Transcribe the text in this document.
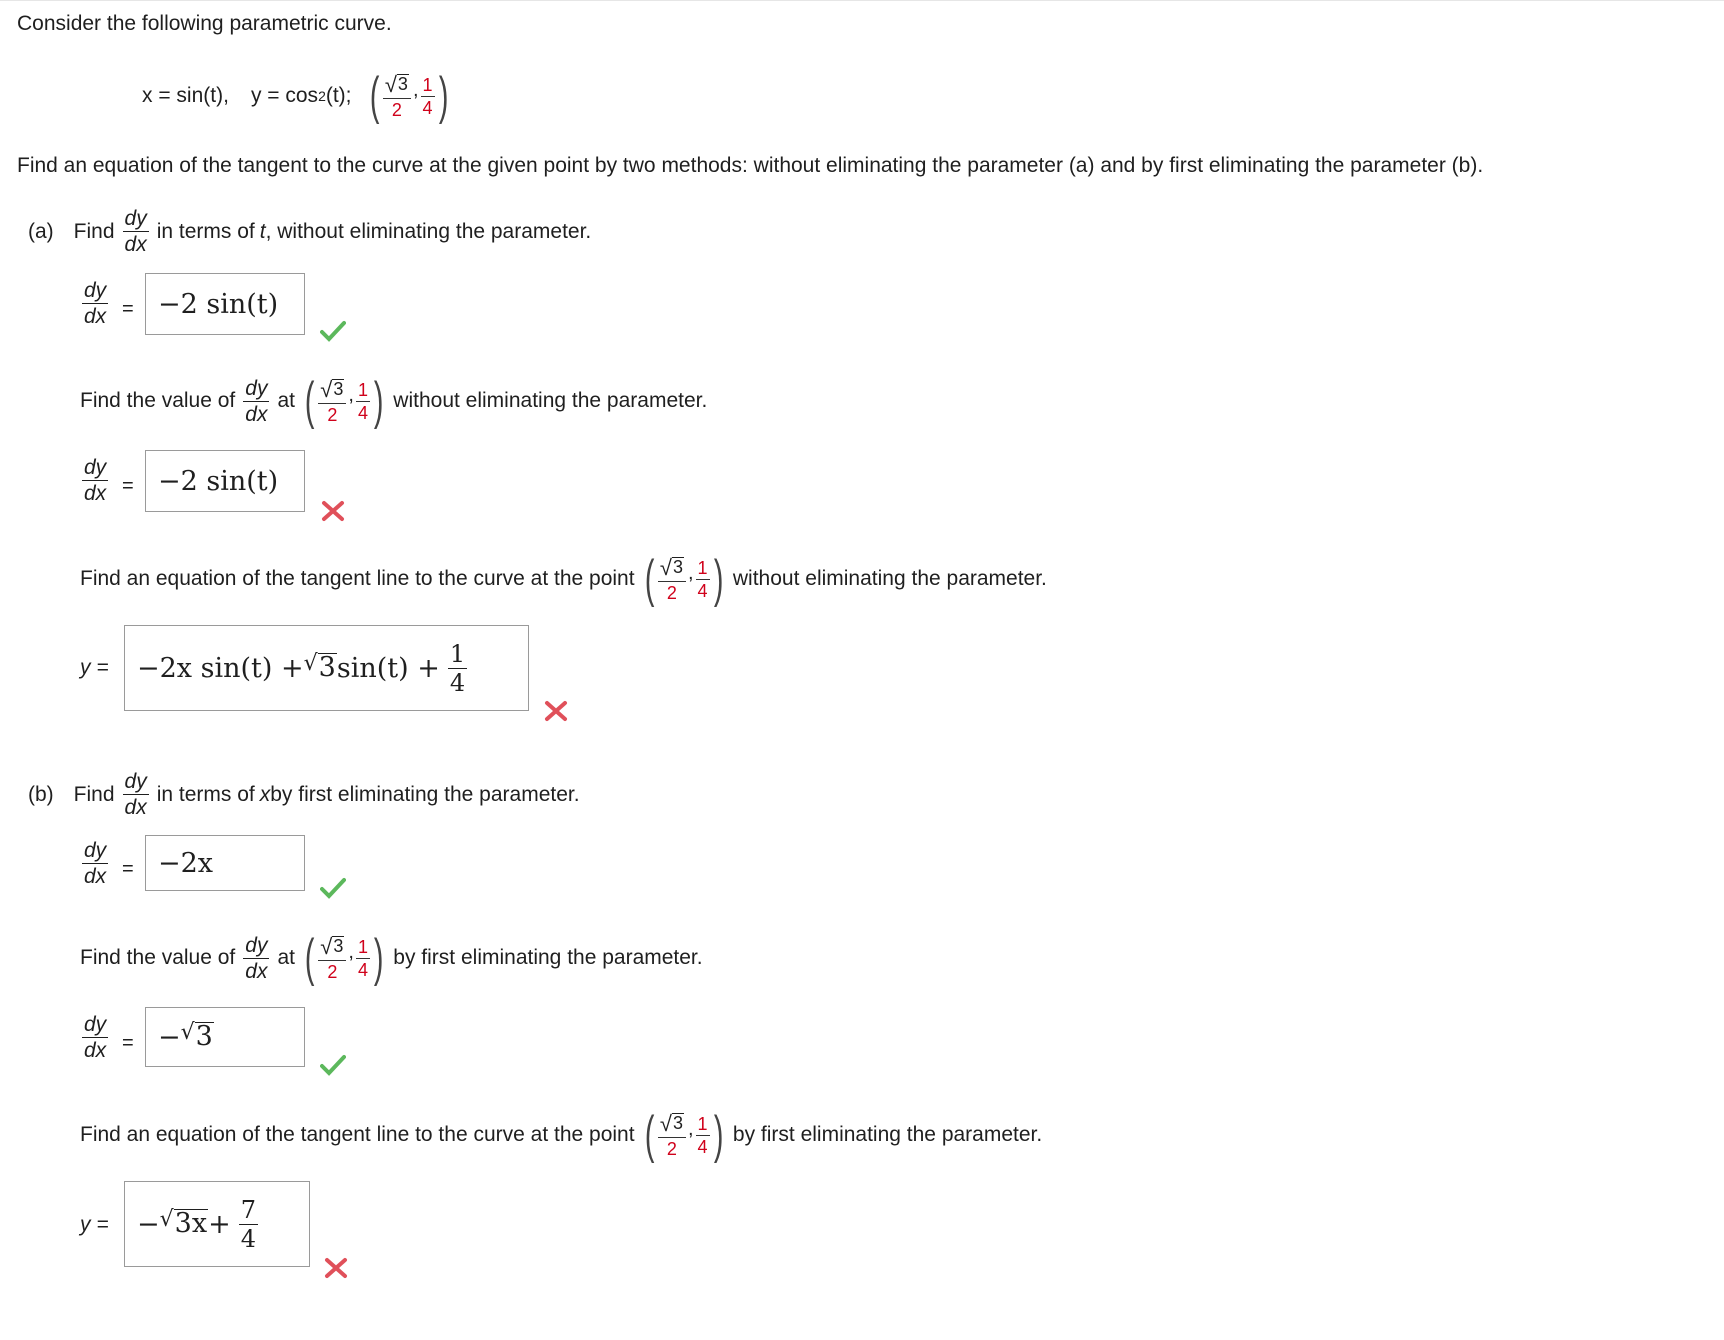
Consider the following parametric curve.
x = sin(t), y = cos 2 (t); ( $\frac{√ 3}{2}$ , $\frac{1}{4}$ )
Find an equation of the tangent to the curve at the given point by two methods: without eliminating the parameter (a) and by first eliminating the parameter (b).
(a) Find $\frac{dy}{dx}$ in terms of t , without eliminating the parameter.
$\frac{dy}{dx} = -2$ sin(t)
Find the value of $\frac{dy}{dx}$ at ( $\frac{√ 3}{2}$ , $\frac{1}{4}$ ) without eliminating the parameter.
$\frac{dy}{dx} = -2$ sin(t)
Find an equation of the tangent line to the curve at the point ( $\frac{√ 3}{2}$ , $\frac{1}{4}$ ) without eliminating the parameter.
y = −2x sin(t) + √ 3 $\sin(t) + \frac{1}{4}$
(b) Find $\frac{dy}{dx}$ in terms of x by first eliminating the parameter.
$\frac{dy}{dx} = -2x$
Find the value of $\frac{dy}{dx}$ at ( $\frac{√ 3}{2}$ , $\frac{1}{4}$ ) by first eliminating the parameter.
$\frac{dy}{dx}$ = − √ 3
Find an equation of the tangent line to the curve at the point ( $\frac{√ 3}{2}$ , $\frac{1}{4}$ ) by first eliminating the parameter.
y = − √ $3x + \frac{7}{4}$
